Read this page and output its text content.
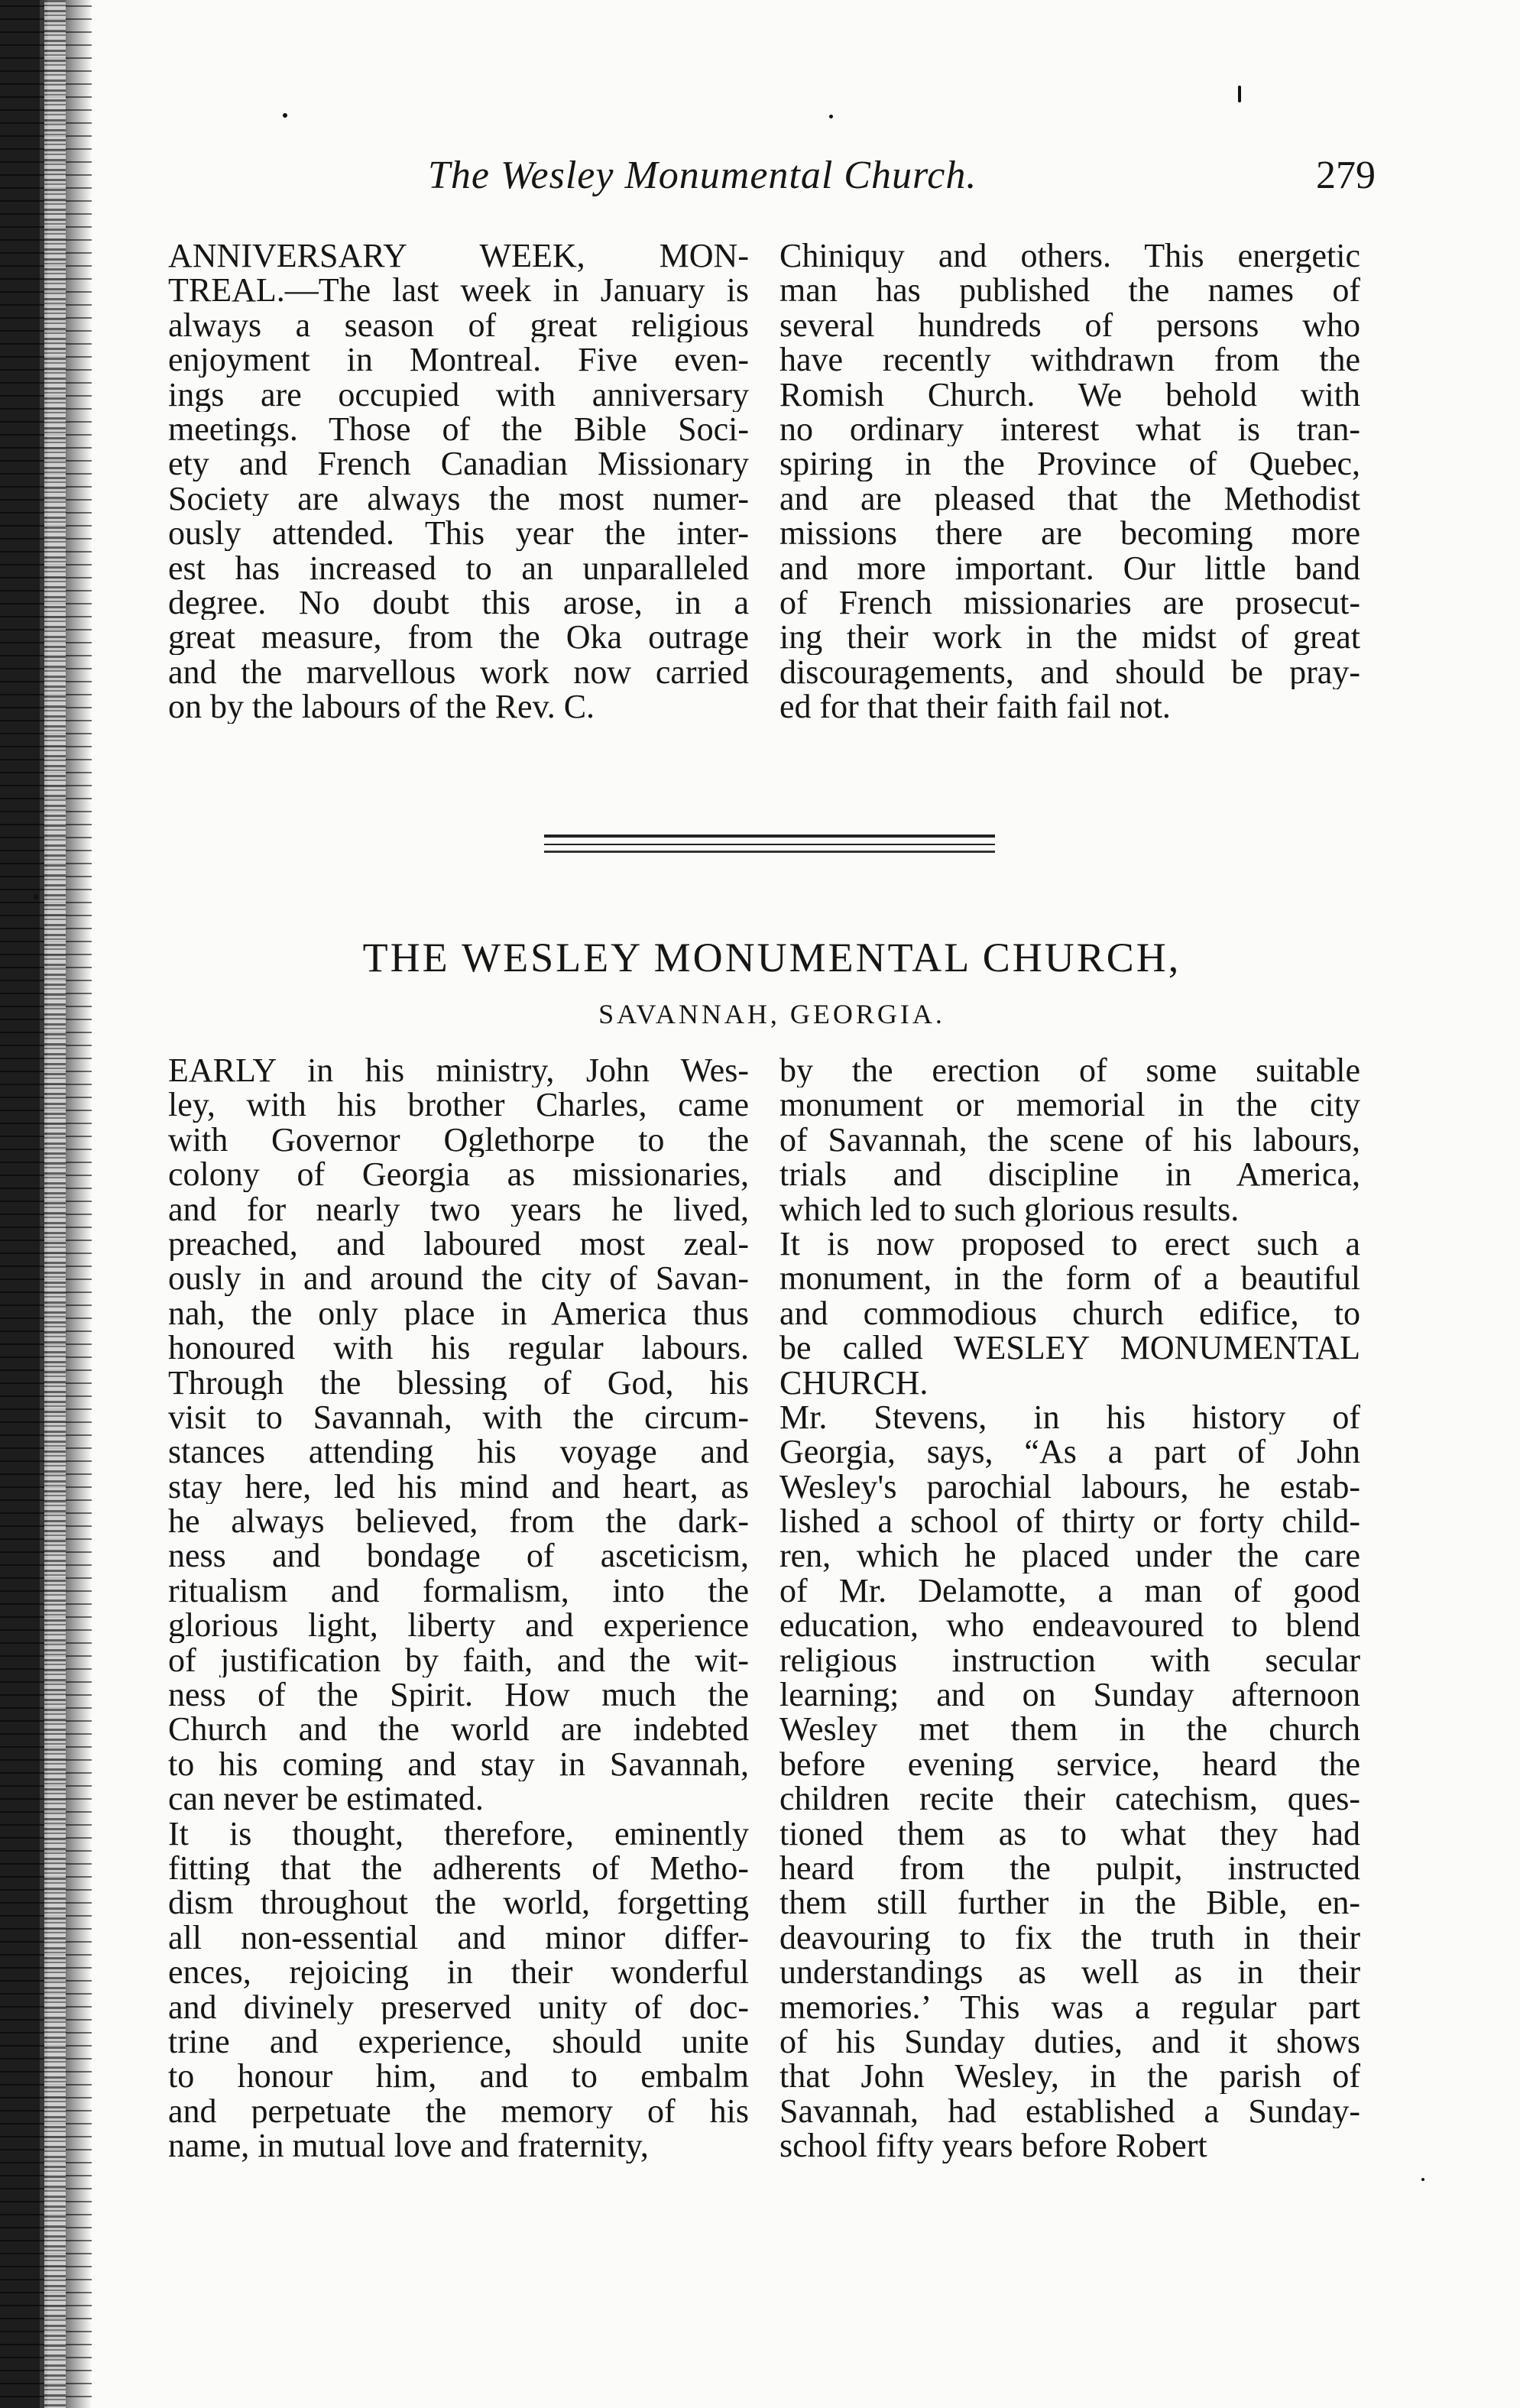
The Wesley Monumental Church.	279
ANNIVERSARY WEEK, MON-
TREAL.—The last week in January is
always a season of great religious
enjoyment in Montreal. Five even-
ings are occupied with anniversary
meetings. Those of the Bible Soci-
ety and French Canadian Missionary
Society are always the most numer-
ously attended. This year the inter-
est has increased to an unparalleled
degree. No doubt this arose, in a
great measure, from the Oka outrage
and the marvellous work now carried
on by the labours of the Rev. C.
Chiniquy and others. This energetic
man has published the names of
several hundreds of persons who
have recently withdrawn from the
Romish Church. We behold with
no ordinary interest what is tran-
spiring in the Province of Quebec,
and are pleased that the Methodist
missions there are becoming more
and more important. Our little band
of French missionaries are prosecut-
ing their work in the midst of great
discouragements, and should be pray-
ed for that their faith fail not.
THE WESLEY MONUMENTAL CHURCH,
SAVANNAH, GEORGIA.
EARLY in his ministry, John Wes-
ley, with his brother Charles, came
with Governor Oglethorpe to the
colony of Georgia as missionaries,
and for nearly two years he lived,
preached, and laboured most zeal-
ously in and around the city of Savan-
nah, the only place in America thus
honoured with his regular labours.
Through the blessing of God, his
visit to Savannah, with the circum-
stances attending his voyage and
stay here, led his mind and heart, as
he always believed, from the dark-
ness and bondage of asceticism,
ritualism and formalism, into the
glorious light, liberty and experience
of justification by faith, and the wit-
ness of the Spirit. How much the
Church and the world are indebted
to his coming and stay in Savannah,
can never be estimated.
It is thought, therefore, eminently
fitting that the adherents of Metho-
dism throughout the world, forgetting
all non-essential and minor differ-
ences, rejoicing in their wonderful
and divinely preserved unity of doc-
trine and experience, should unite
to honour him, and to embalm
and perpetuate the memory of his
name, in mutual love and fraternity,
by the erection of some suitable
monument or memorial in the city
of Savannah, the scene of his labours,
trials and discipline in America,
which led to such glorious results.
It is now proposed to erect such a
monument, in the form of a beautiful
and commodious church edifice, to
be called WESLEY MONUMENTAL
CHURCH.
Mr. Stevens, in his history of
Georgia, says, “As a part of John
Wesley's parochial labours, he estab-
lished a school of thirty or forty child-
ren, which he placed under the care
of Mr. Delamotte, a man of good
education, who endeavoured to blend
religious instruction with secular
learning; and on Sunday afternoon
Wesley met them in the church
before evening service, heard the
children recite their catechism, ques-
tioned them as to what they had
heard from the pulpit, instructed
them still further in the Bible, en-
deavouring to fix the truth in their
understandings as well as in their
memories.’ This was a regular part
of his Sunday duties, and it shows
that John Wesley, in the parish of
Savannah, had established a Sunday-
school fifty years before Robert
